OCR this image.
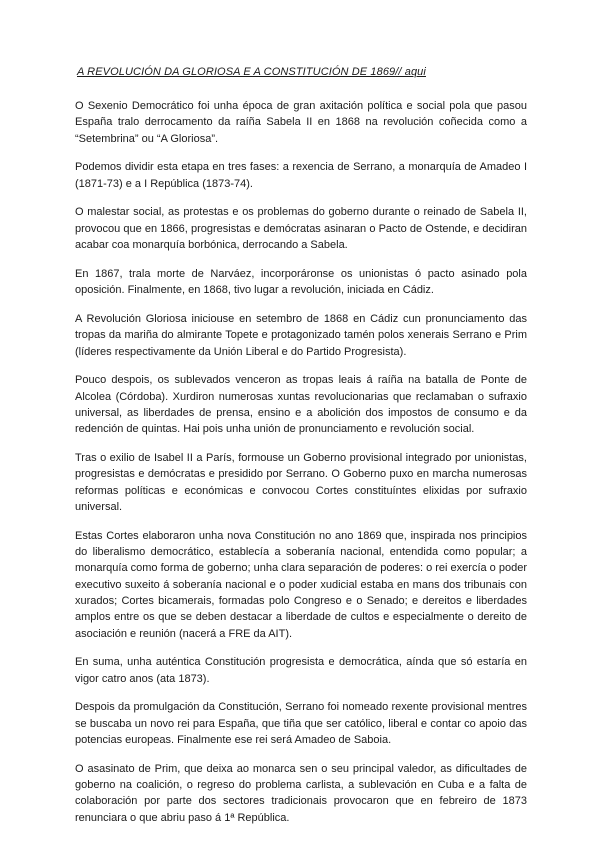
A REVOLUCIÓN DA GLORIOSA E A CONSTITUCIÓN DE 1869// aqui

O Sexenio Democrático foi unha época de gran axitación política e social pola que pasou España tralo derrocamento da raíña Sabela II en 1868 na revolución coñecida como a “Setembrina” ou “A Gloriosa”.

Podemos dividir esta etapa en tres fases: a rexencia de Serrano, a monarquía de Amadeo I (1871-73) e a I República (1873-74).

O malestar social, as protestas e os problemas do goberno durante o reinado de Sabela II, provocou que en 1866, progresistas e demócratas asinaran o Pacto de Ostende, e decidiran acabar coa monarquía borbónica, derrocando a Sabela.

En 1867, trala morte de Narváez, incorporáronse os unionistas ó pacto asinado pola oposición. Finalmente, en 1868, tivo lugar a revolución, iniciada en Cádiz.

A Revolución Gloriosa iniciouse en setembro de 1868 en Cádiz cun pronunciamento das tropas da mariña do almirante Topete e protagonizado tamén polos xenerais Serrano e Prim (líderes respectivamente da Unión Liberal e do Partido Progresista).

Pouco despois, os sublevados venceron as tropas leais á raíña na batalla de Ponte de Alcolea (Córdoba). Xurdiron numerosas xuntas revolucionarias que reclamaban o sufraxio universal, as liberdades de prensa, ensino e a abolición dos impostos de consumo e da redención de quintas. Hai pois unha unión de pronunciamento e revolución social.

Tras o exilio de Isabel II a París, formouse un Goberno provisional integrado por unionistas, progresistas e demócratas e presidido por Serrano. O Goberno puxo en marcha numerosas reformas políticas e económicas e convocou Cortes constituíntes elixidas por sufraxio universal.

Estas Cortes elaboraron unha nova Constitución no ano 1869 que, inspirada nos principios do liberalismo democrático, establecía a soberanía nacional, entendida como popular; a monarquía como forma de goberno; unha clara separación de poderes: o rei exercía o poder executivo suxeito á soberanía nacional e o poder xudicial estaba en mans dos tribunais con xurados; Cortes bicamerais, formadas polo Congreso e o Senado; e dereitos e liberdades amplos entre os que se deben destacar a liberdade de cultos e especialmente o dereito de asociación e reunión (nacerá a FRE da AIT).

En suma, unha auténtica Constitución progresista e democrática, aínda que só estaría en vigor catro anos (ata 1873).

Despois da promulgación da Constitución, Serrano foi nomeado rexente provisional mentres se buscaba un novo rei para España, que tiña que ser católico, liberal e contar co apoio das potencias europeas. Finalmente ese rei será Amadeo de Saboia.

O asasinato de Prim, que deixa ao monarca sen o seu principal valedor, as dificultades de goberno na coalición, o regreso do problema carlista, a sublevación en Cuba e a falta de colaboración por parte dos sectores tradicionais provocaron que en febreiro de 1873 renunciara o que abriu paso á 1ª República.
